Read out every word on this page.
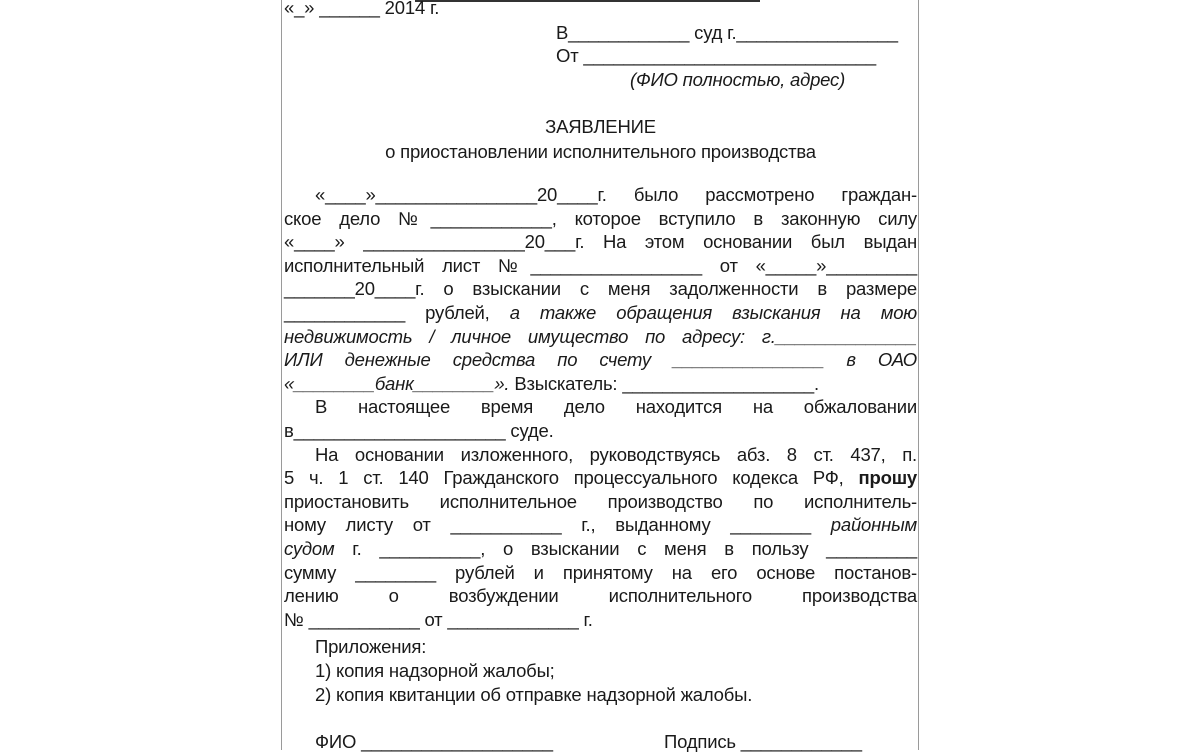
«_» ______ 2014 г.
В____________ суд г.________________
От _____________________________
(ФИО полностью, адрес)
ЗАЯВЛЕНИЕ
о приостановлении исполнительного производства
«____»________________20____г. было рассмотрено граждан-
ское дело №____________, которое вступило в законную силу
«____» ________________20___г. На этом основании был выдан
исполнительный лист №_________________ от «_____»_________
_______20____г. о взыскании с меня задолженности в размере
____________ рублей, а также обращения взыскания на мою
недвижимость / личное имущество по адресу: г.______________
ИЛИ денежные средства по счету _______________ в ОАО
«________банк________». Взыскатель: ___________________.
В настоящее время дело находится на обжаловании
в_____________________ суде.
На основании изложенного, руководствуясь абз. 8 ст. 437, п.
5 ч. 1 ст. 140 Гражданского процессуального кодекса РФ, прошу
приостановить исполнительное производство по исполнитель-
ному листу от ___________ г., выданному ________ районным
судом г. __________, о взыскании с меня в пользу _________
сумму ________ рублей и принятому на его основе постанов-
лению о возбуждении исполнительного производства
№ ___________ от _____________ г.
Приложения:
1) копия надзорной жалобы;
2) копия квитанции об отправке надзорной жалобы.
ФИО ___________________	Подпись ____________
